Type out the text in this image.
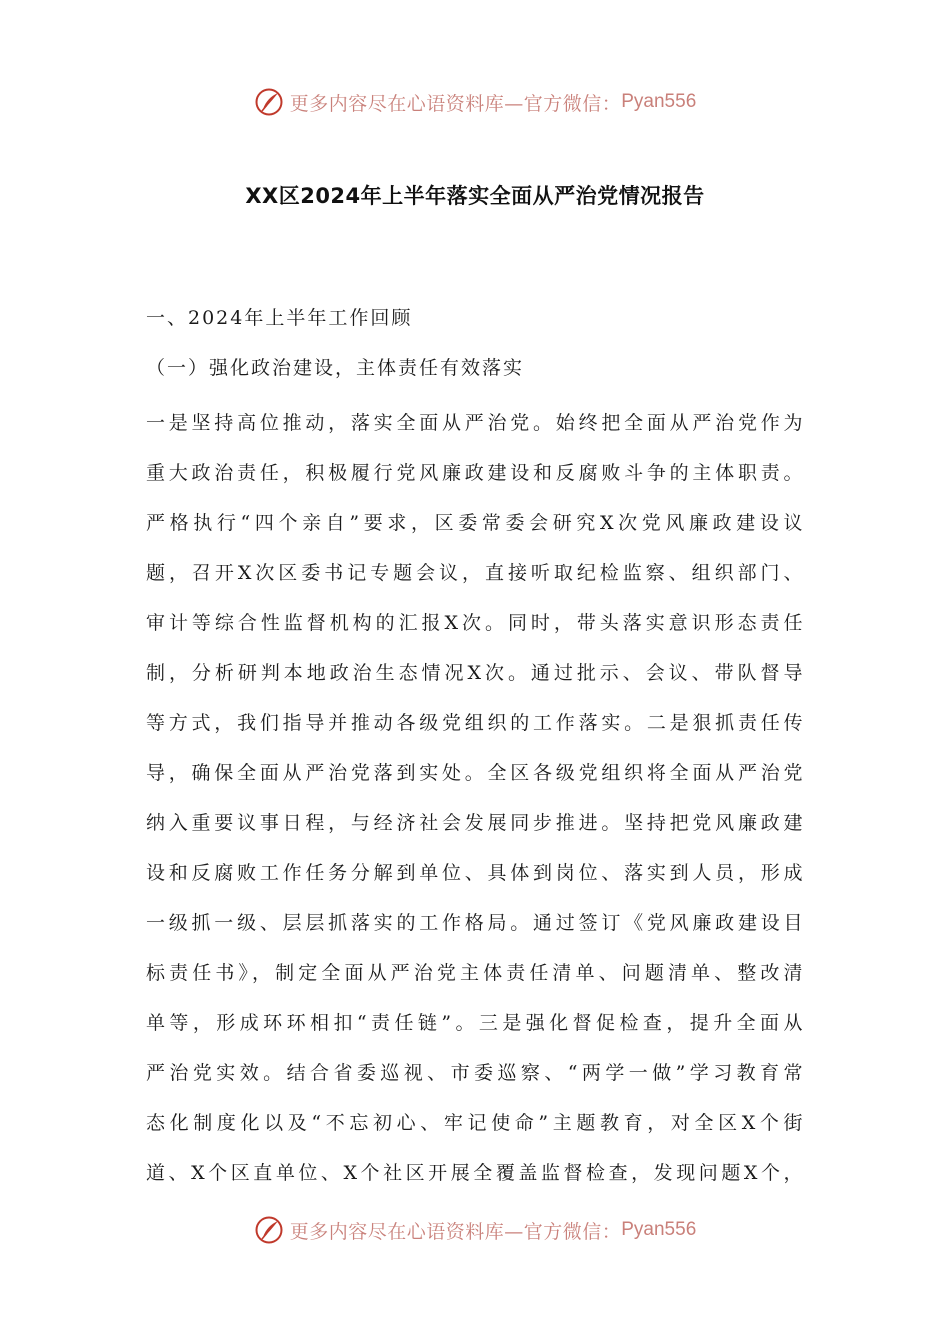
更多内容尽在心语资料库—官方微信： Pyan556
XX区2024年上半年落实全面从严治党情况报告

一、2024年上半年工作回顾

（一）强化政治建设，主体责任有效落实

一是坚持高位推动，落实全面从严治党。始终把全面从严治党作为

重大政治责任，积极履行党风廉政建设和反腐败斗争的主体职责。

严格执行“四个亲自”要求，区委常委会研究X次党风廉政建设议

题，召开X次区委书记专题会议，直接听取纪检监察、组织部门、

审计等综合性监督机构的汇报X次。同时，带头落实意识形态责任

制，分析研判本地政治生态情况X次。通过批示、会议、带队督导

等方式，我们指导并推动各级党组织的工作落实。二是狠抓责任传

导，确保全面从严治党落到实处。全区各级党组织将全面从严治党

纳入重要议事日程，与经济社会发展同步推进。坚持把党风廉政建

设和反腐败工作任务分解到单位、具体到岗位、落实到人员，形成

一级抓一级、层层抓落实的工作格局。通过签订《党风廉政建设目

标责任书》，制定全面从严治党主体责任清单、问题清单、整改清

单等，形成环环相扣“责任链”。三是强化督促检查，提升全面从

严治党实效。结合省委巡视、市委巡察、“两学一做”学习教育常

态化制度化以及“不忘初心、牢记使命”主题教育，对全区X个街

道、X个区直单位、X个社区开展全覆盖监督检查，发现问题X个，

更多内容尽在心语资料库—官方微信： Pyan556
